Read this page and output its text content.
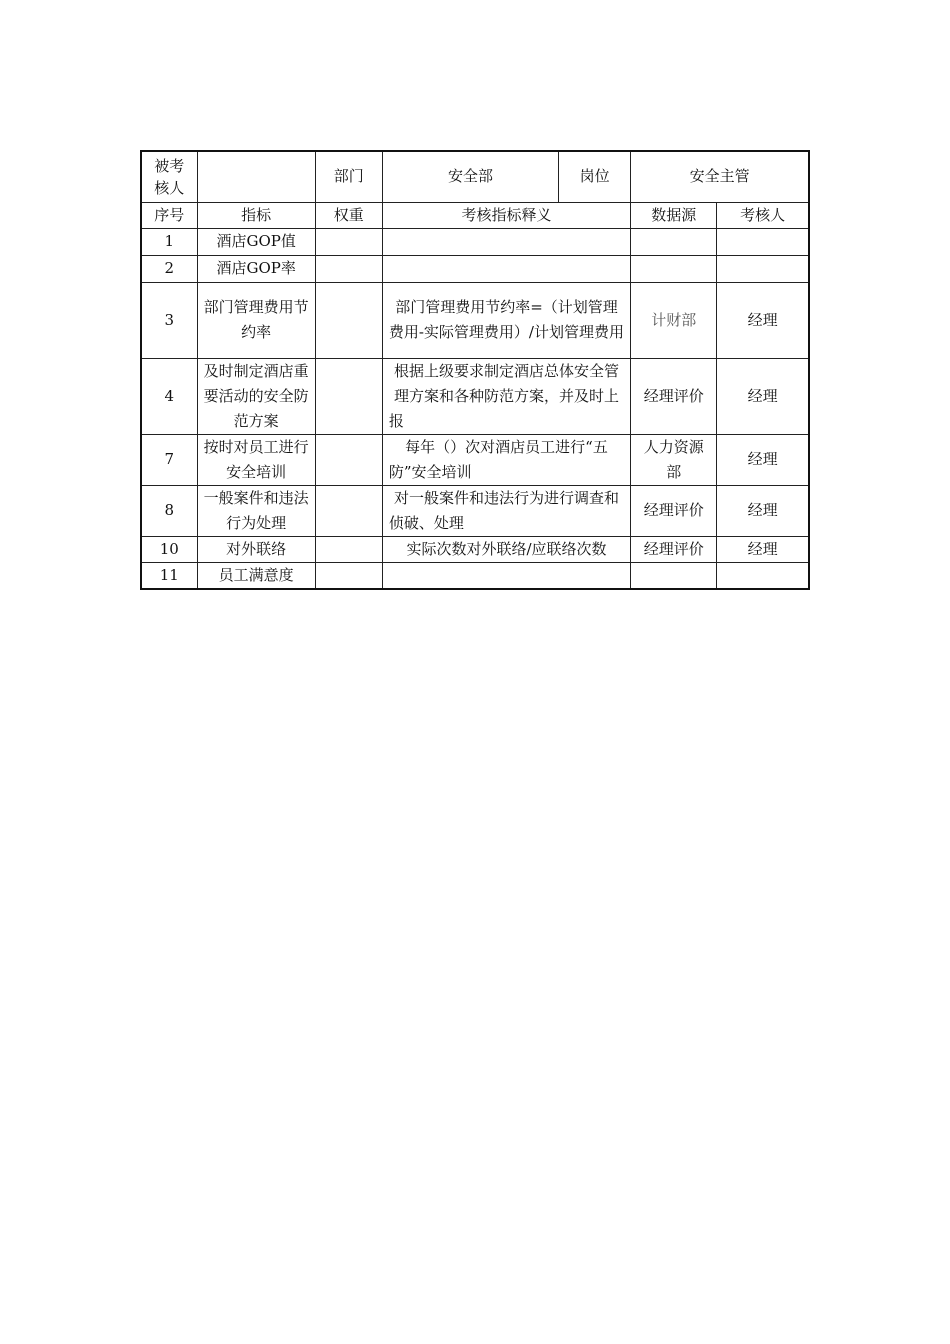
被考核人		部门	安全部	岗位	安全主管	
序号	指标	权重	考核指标释义		数据源	考核人
1	酒店GOP值					
2	酒店GOP率					
3	部门管理费用节约率		部门管理费用节约率=（计划管理费用-实际管理费用）/计划管理费用		计财部	经理
4	及时制定酒店重要活动的安全防范方案		根据上级要求制定酒店总体安全管理方案和各种防范方案，并及时上报		经理评价	经理
7	按时对员工进行安全培训		每年（）次对酒店员工进行“五防”安全培训		人力资源部	经理
8	一般案件和违法行为处理		对一般案件和违法行为进行调查和侦破、处理		经理评价	经理
10	对外联络		实际次数对外联络/应联络次数		经理评价	经理
11	员工满意度					
